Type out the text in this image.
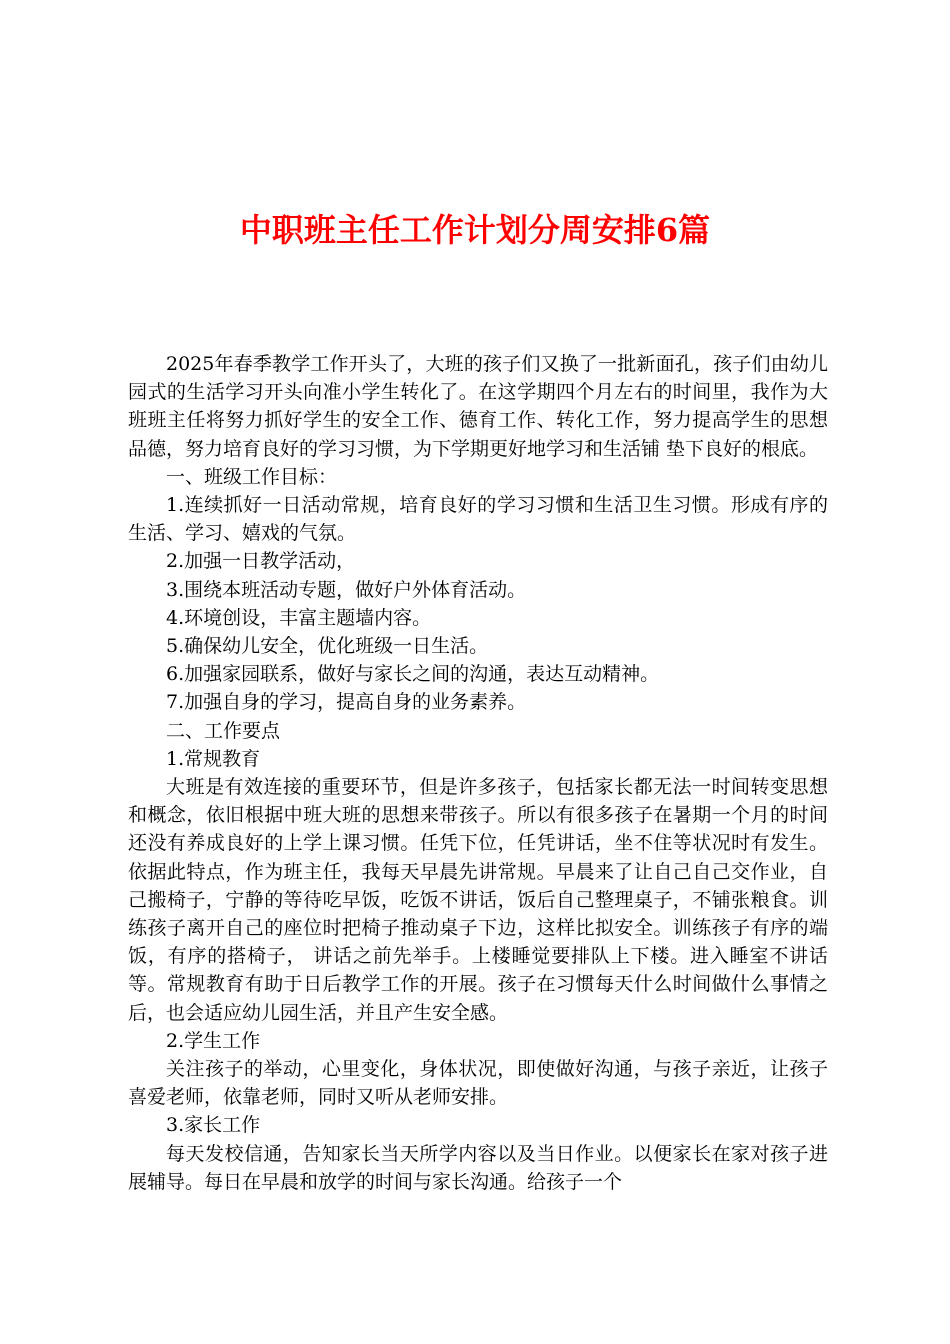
中职班主任工作计划分周安排6篇

2025年春季教学工作开头了，大班的孩子们又换了一批新面孔，孩子们由幼儿园式的生活学习开头向准小学生转化了。在这学期四个月左右的时间里，我作为大班班主任将努力抓好学生的安全工作、德育工作、转化工作，努力提高学生的思想品德，努力培育良好的学习习惯，为下学期更好地学习和生活铺 垫下良好的根底。

一、班级工作目标：

1.连续抓好一日活动常规，培育良好的学习习惯和生活卫生习惯。形成有序的生活、学习、嬉戏的气氛。

2.加强一日教学活动，

3.围绕本班活动专题，做好户外体育活动。

4.环境创设，丰富主题墙内容。

5.确保幼儿安全，优化班级一日生活。

6.加强家园联系，做好与家长之间的沟通，表达互动精神。

7.加强自身的学习，提高自身的业务素养。

二、工作要点

1.常规教育

大班是有效连接的重要环节，但是许多孩子，包括家长都无法一时间转变思想和概念，依旧根据中班大班的思想来带孩子。所以有很多孩子在暑期一个月的时间还没有养成良好的上学上课习惯。任凭下位，任凭讲话，坐不住等状况时有发生。依据此特点，作为班主任，我每天早晨先讲常规。早晨来了让自己自己交作业，自己搬椅子，宁静的等待吃早饭，吃饭不讲话，饭后自己整理桌子，不铺张粮食。训练孩子离开自己的座位时把椅子推动桌子下边，这样比拟安全。训练孩子有序的端饭，有序的搭椅子， 讲话之前先举手。上楼睡觉要排队上下楼。进入睡室不讲话等。常规教育有助于日后教学工作的开展。孩子在习惯每天什么时间做什么事情之后，也会适应幼儿园生活，并且产生安全感。

2.学生工作

关注孩子的举动，心里变化，身体状况，即使做好沟通，与孩子亲近，让孩子喜爱老师，依靠老师，同时又听从老师安排。

3.家长工作

每天发校信通，告知家长当天所学内容以及当日作业。以便家长在家对孩子进展辅导。每日在早晨和放学的时间与家长沟通。给孩子一个
